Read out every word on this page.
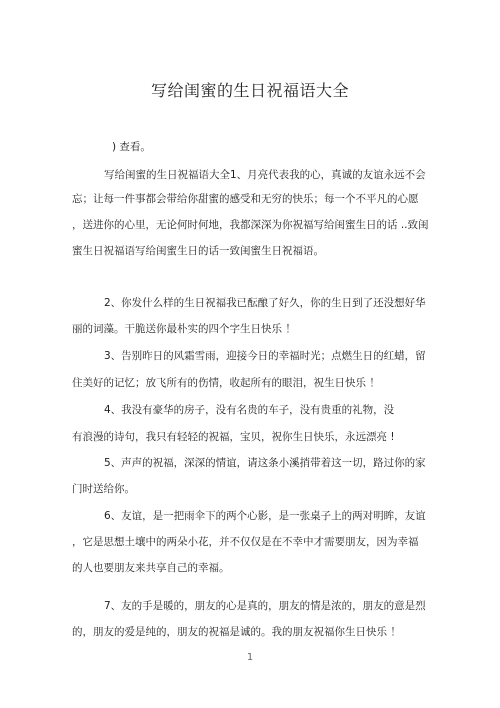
写给闺蜜的生日祝福语大全
) 查看。
写给闺蜜的生日祝福语大全1、月亮代表我的心，真诚的友谊永远不会
忘；让每一件事都会带给你甜蜜的感受和无穷的快乐；每一个不平凡的心愿
，送进你的心里，无论何时何地，我都深深为你祝福写给闺蜜生日的话 ..致闺
蜜生日祝福语写给闺蜜生日的话一致闺蜜生日祝福语。
2、你发什么样的生日祝福我已酝酿了好久，你的生日到了还没想好华
丽的词藻。干脆送你最朴实的四个字生日快乐 ！
3、告别昨日的风霜雪雨，迎接今日的幸福时光；点燃生日的红蜡，留
住美好的记忆；放飞所有的伤情，收起所有的眼泪，祝生日快乐 ！
4、我没有豪华的房子，没有名贵的车子，没有贵重的礼物，没
有浪漫的诗句，我只有轻轻的祝福，宝贝，祝你生日快乐，永远漂亮 !
5、声声的祝福，深深的情谊，请这条小溪捎带着这一切，路过你的家
门时送给你。
6、友谊，是一把雨伞下的两个心影，是一张桌子上的两对明眸，友谊
，它是思想土壤中的两朵小花，并不仅仅是在不幸中才需要朋友，因为幸福
的人也要朋友来共享自己的幸福。
7、友的手是暖的，朋友的心是真的，朋友的情是浓的，朋友的意是烈
的，朋友的爱是纯的，朋友的祝福是诚的。我的朋友祝福你生日快乐 ！
1
